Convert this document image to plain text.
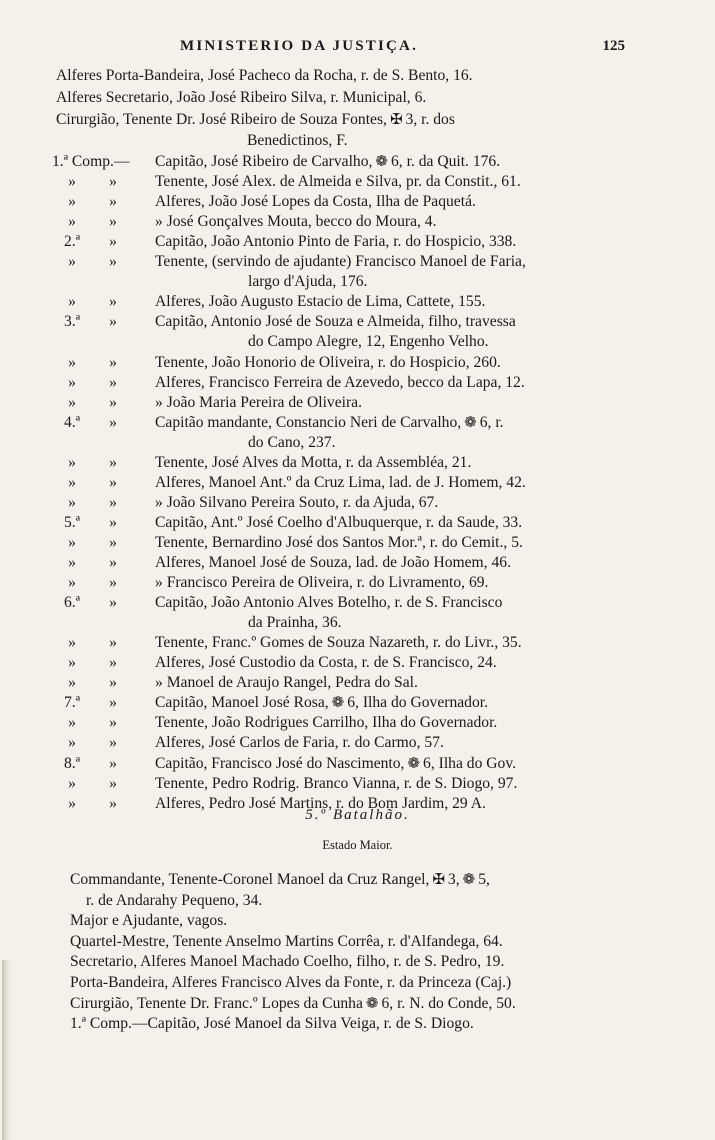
MINISTERIO DA JUSTIÇA.	125
Alferes Porta-Bandeira, José Pacheco da Rocha, r. de S. Bento, 16.
Alferes Secretario, João José Ribeiro Silva, r. Municipal, 6.
Cirurgião, Tenente Dr. José Ribeiro de Souza Fontes, ✠ 3, r. dos
Benedictinos, F.
1.ª Comp.— Capitão, José Ribeiro de Carvalho, ❁ 6, r. da Quit. 176.
»	»	Tenente, José Alex. de Almeida e Silva, pr. da Constit., 61.
»	»	Alferes, João José Lopes da Costa, Ilha de Paquetá.
»	»	» José Gonçalves Mouta, becco do Moura, 4.
2.ª	»	Capitão, João Antonio Pinto de Faria, r. do Hospicio, 338.
»	»	Tenente, (servindo de ajudante) Francisco Manoel de Faria,
largo d'Ajuda, 176.
»	»	Alferes, João Augusto Estacio de Lima, Cattete, 155.
3.ª	»	Capitão, Antonio José de Souza e Almeida, filho, travessa
do Campo Alegre, 12, Engenho Velho.
»	»	Tenente, João Honorio de Oliveira, r. do Hospicio, 260.
»	»	Alferes, Francisco Ferreira de Azevedo, becco da Lapa, 12.
»	»	» João Maria Pereira de Oliveira.
4.ª	»	Capitão mandante, Constancio Neri de Carvalho, ❁ 6, r.
do Cano, 237.
»	»	Tenente, José Alves da Motta, r. da Assembléa, 21.
»	»	Alferes, Manoel Ant.º da Cruz Lima, lad. de J. Homem, 42.
»	»	» João Silvano Pereira Souto, r. da Ajuda, 67.
5.ª	»	Capitão, Ant.º José Coelho d'Albuquerque, r. da Saude, 33.
»	»	Tenente, Bernardino José dos Santos Mor.ª, r. do Cemit., 5.
»	»	Alferes, Manoel José de Souza, lad. de João Homem, 46.
»	»	» Francisco Pereira de Oliveira, r. do Livramento, 69.
6.ª	»	Capitão, João Antonio Alves Botelho, r. de S. Francisco
da Prainha, 36.
»	»	Tenente, Franc.º Gomes de Souza Nazareth, r. do Livr., 35.
»	»	Alferes, José Custodio da Costa, r. de S. Francisco, 24.
»	»	» Manoel de Araujo Rangel, Pedra do Sal.
7.ª	»	Capitão, Manoel José Rosa, ❁ 6, Ilha do Governador.
»	»	Tenente, João Rodrigues Carrilho, Ilha do Governador.
»	»	Alferes, José Carlos de Faria, r. do Carmo, 57.
8.ª	»	Capitão, Francisco José do Nascimento, ❁ 6, Ilha do Gov.
»	»	Tenente, Pedro Rodrig. Branco Vianna, r. de S. Diogo, 97.
»	»	Alferes, Pedro José Martins, r. do Bom Jardim, 29 A.
5.º Batalhão.
Estado Maior.
Commandante, Tenente-Coronel Manoel da Cruz Rangel, ✠ 3, ❁ 5,
r. de Andarahy Pequeno, 34.
Major e Ajudante, vagos.
Quartel-Mestre, Tenente Anselmo Martins Corrêa, r. d'Alfandega, 64.
Secretario, Alferes Manoel Machado Coelho, filho, r. de S. Pedro, 19.
Porta-Bandeira, Alferes Francisco Alves da Fonte, r. da Princeza (Caj.)
Cirurgião, Tenente Dr. Franc.º Lopes da Cunha ❁ 6, r. N. do Conde, 50.
1.ª Comp.—Capitão, José Manoel da Silva Veiga, r. de S. Diogo.
